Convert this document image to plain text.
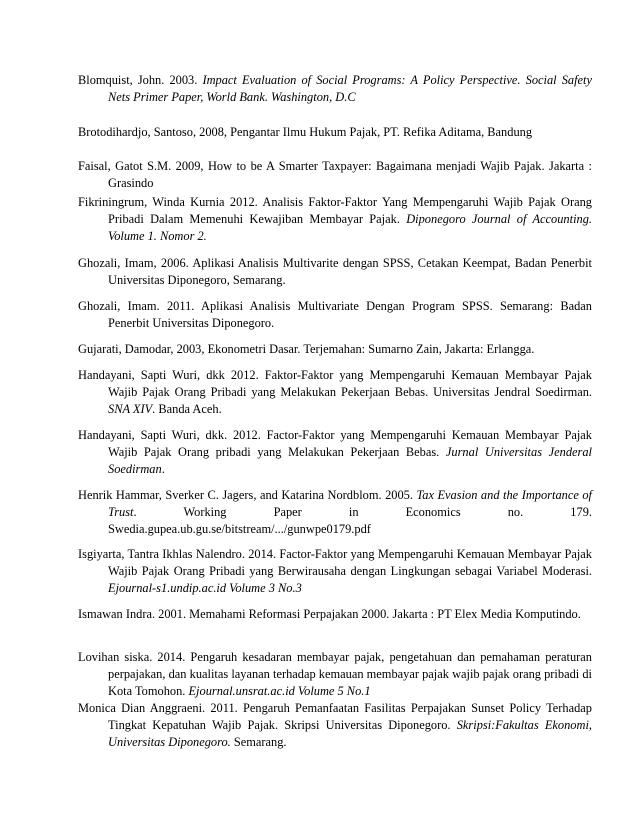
Blomquist, John. 2003. Impact Evaluation of Social Programs: A Policy Perspective. Social Safety Nets Primer Paper, World Bank. Washington, D.C
Brotodihardjo, Santoso, 2008, Pengantar Ilmu Hukum Pajak, PT. Refika Aditama, Bandung
Faisal, Gatot S.M. 2009, How to be A Smarter Taxpayer: Bagaimana menjadi Wajib Pajak. Jakarta : Grasindo
Fikriningrum, Winda Kurnia 2012. Analisis Faktor-Faktor Yang Mempengaruhi Wajib Pajak Orang Pribadi Dalam Memenuhi Kewajiban Membayar Pajak. Diponegoro Journal of Accounting. Volume 1. Nomor 2.
Ghozali, Imam, 2006. Aplikasi Analisis Multivarite dengan SPSS, Cetakan Keempat, Badan Penerbit Universitas Diponegoro, Semarang.
Ghozali, Imam. 2011. Aplikasi Analisis Multivariate Dengan Program SPSS. Semarang: Badan Penerbit Universitas Diponegoro.
Gujarati, Damodar, 2003, Ekonometri Dasar. Terjemahan: Sumarno Zain, Jakarta: Erlangga.
Handayani, Sapti Wuri, dkk 2012. Faktor-Faktor yang Mempengaruhi Kemauan Membayar Pajak Wajib Pajak Orang Pribadi yang Melakukan Pekerjaan Bebas. Universitas Jendral Soedirman. SNA XIV. Banda Aceh.
Handayani, Sapti Wuri, dkk. 2012. Factor-Faktor yang Mempengaruhi Kemauan Membayar Pajak Wajib Pajak Orang pribadi yang Melakukan Pekerjaan Bebas. Jurnal Universitas Jenderal Soedirman.
Henrik Hammar, Sverker C. Jagers, and Katarina Nordblom. 2005. Tax Evasion and the Importance of Trust. Working Paper in Economics no. 179. Swedia.gupea.ub.gu.se/bitstream/.../gunwpe0179.pdf
Isgiyarta, Tantra Ikhlas Nalendro. 2014. Factor-Faktor yang Mempengaruhi Kemauan Membayar Pajak Wajib Pajak Orang Pribadi yang Berwirausaha dengan Lingkungan sebagai Variabel Moderasi. Ejournal-s1.undip.ac.id Volume 3 No.3
Ismawan Indra. 2001. Memahami Reformasi Perpajakan 2000. Jakarta : PT Elex Media Komputindo.
Lovihan siska. 2014. Pengaruh kesadaran membayar pajak, pengetahuan dan pemahaman peraturan perpajakan, dan kualitas layanan terhadap kemauan membayar pajak wajib pajak orang pribadi di Kota Tomohon. Ejournal.unsrat.ac.id Volume 5 No.1
Monica Dian Anggraeni. 2011. Pengaruh Pemanfaatan Fasilitas Perpajakan Sunset Policy Terhadap Tingkat Kepatuhan Wajib Pajak. Skripsi Universitas Diponegoro. Skripsi:Fakultas Ekonomi, Universitas Diponegoro. Semarang.
